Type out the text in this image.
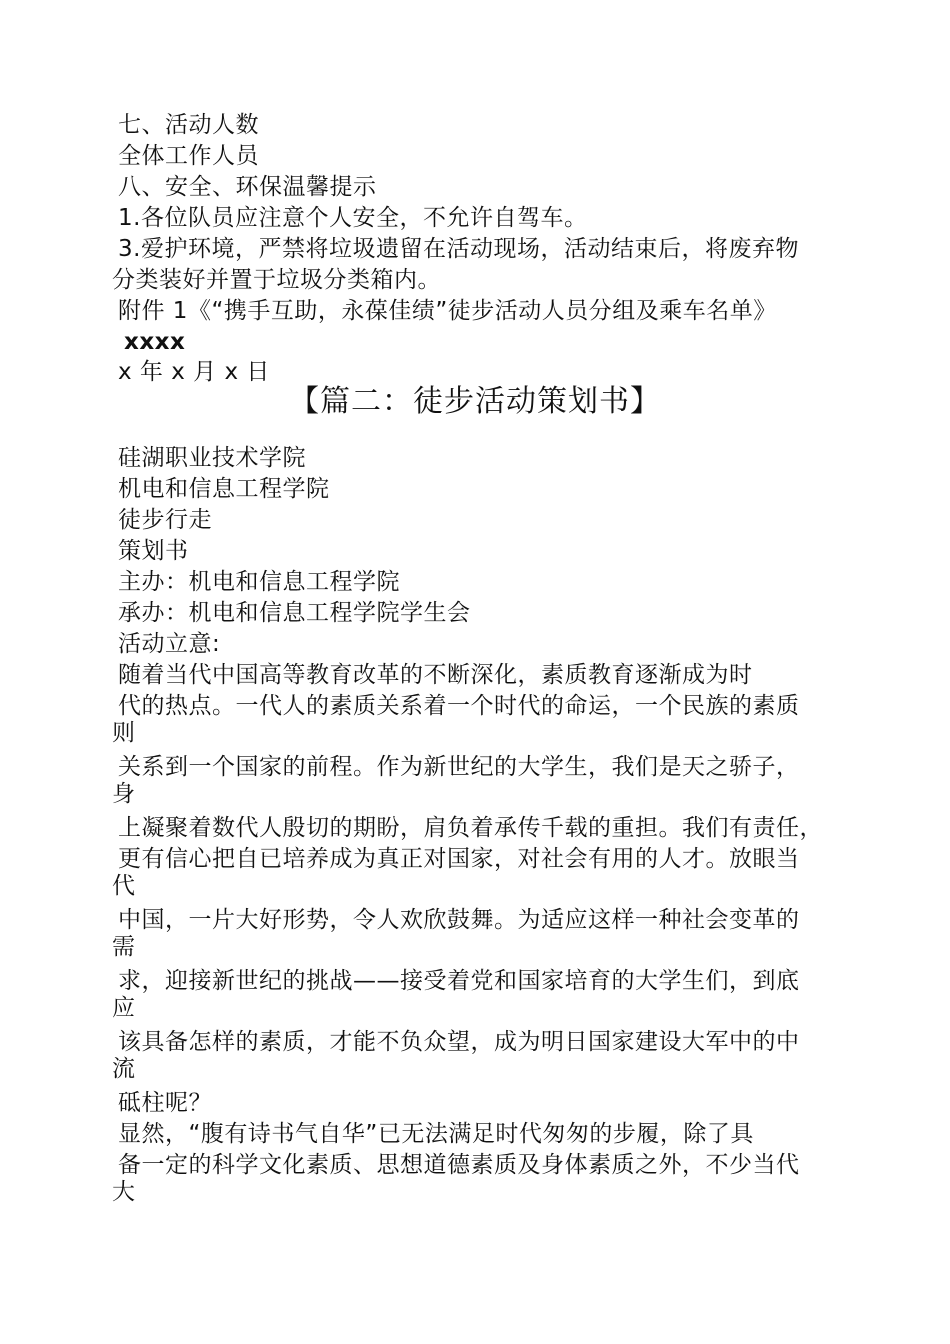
七、活动人数
全体工作人员
八、安全、环保温馨提示
1.各位队员应注意个人安全，不允许自驾车。
3.爱护环境，严禁将垃圾遗留在活动现场，活动结束后，将废弃物
分类装好并置于垃圾分类箱内。
附件 1《“携手互助，永葆佳绩”徒步活动人员分组及乘车名单》
xxxx
x 年 x 月 x 日
【篇二：徒步活动策划书】
硅湖职业技术学院
机电和信息工程学院
徒步行走
策划书
主办：机电和信息工程学院
承办：机电和信息工程学院学生会
活动立意:
随着当代中国高等教育改革的不断深化，素质教育逐渐成为时
代的热点。一代人的素质关系着一个时代的命运，一个民族的素质
则
关系到一个国家的前程。作为新世纪的大学生，我们是天之骄子，
身
上凝聚着数代人殷切的期盼，肩负着承传千载的重担。我们有责任，
更有信心把自已培养成为真正对国家，对社会有用的人才。放眼当
代
中国，一片大好形势，令人欢欣鼓舞。为适应这样一种社会变革的
需
求，迎接新世纪的挑战——接受着党和国家培育的大学生们，到底
应
该具备怎样的素质，才能不负众望，成为明日国家建设大军中的中
流
砥柱呢？
显然，“腹有诗书气自华”已无法满足时代匆匆的步履，除了具
备一定的科学文化素质、思想道德素质及身体素质之外，不少当代
大
